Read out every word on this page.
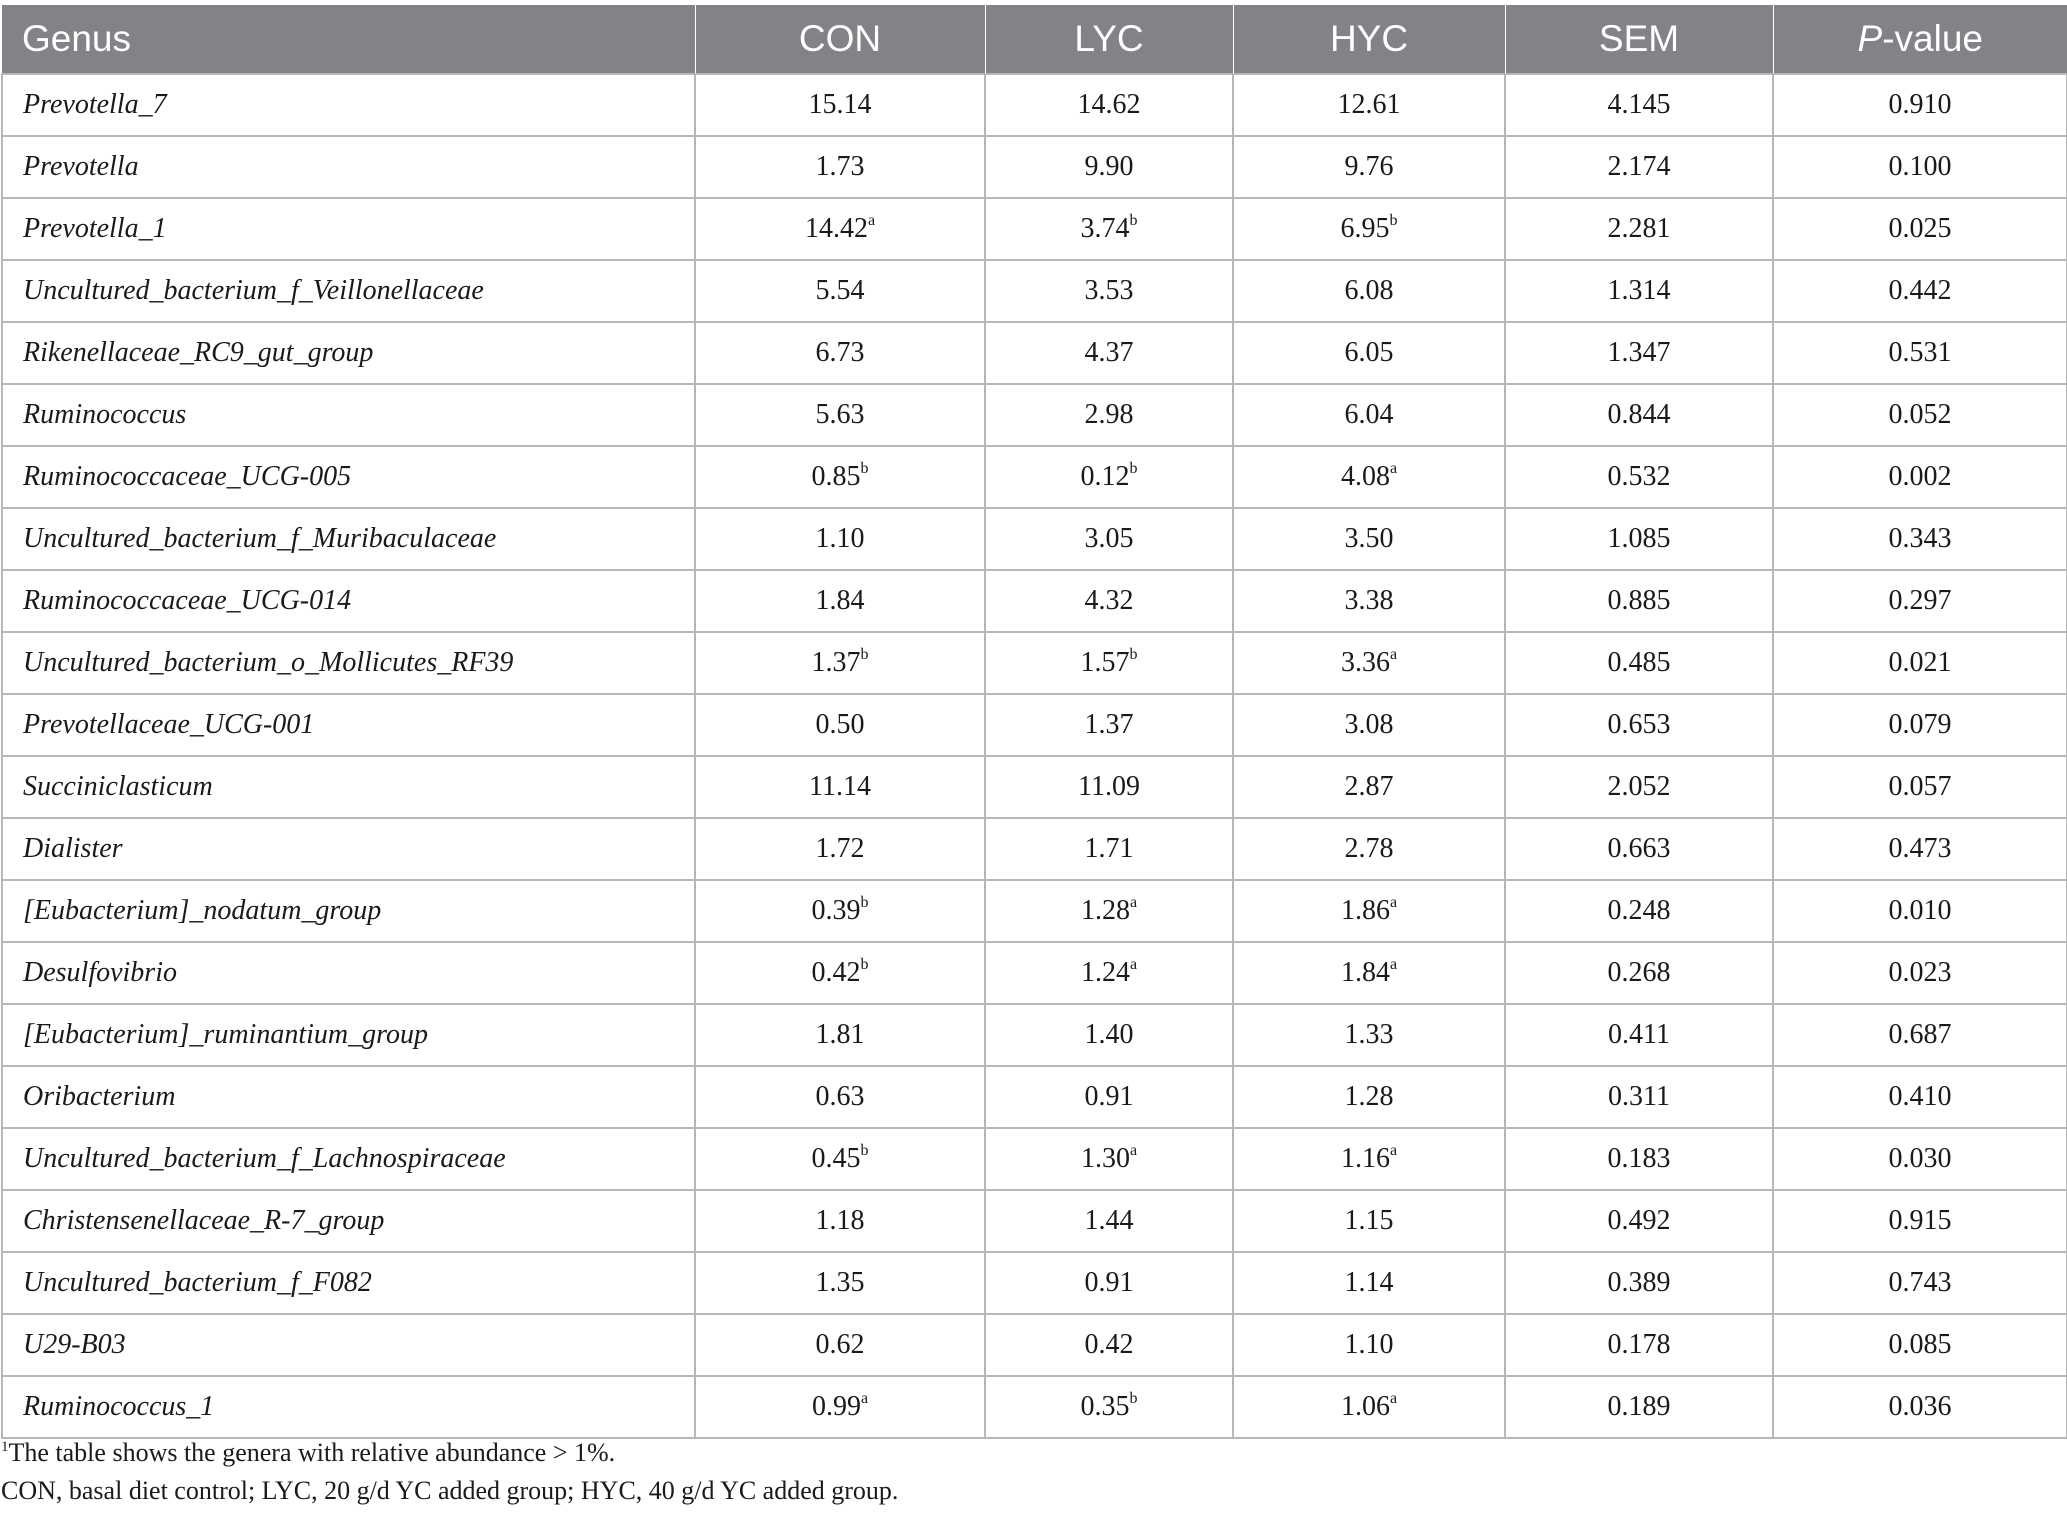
Genus	CON	LYC	HYC	SEM	P-value
Prevotella_7	15.14	14.62	12.61	4.145	0.910
Prevotella	1.73	9.90	9.76	2.174	0.100
Prevotella_1	14.42$^a$	3.74$^b$	6.95$^b$	2.281	0.025
Uncultured_bacterium_f_Veillonellaceae	5.54	3.53	6.08	1.314	0.442
Rikenellaceae_RC9_gut_group	6.73	4.37	6.05	1.347	0.531
Ruminococcus	5.63	2.98	6.04	0.844	0.052
Ruminococcaceae_UCG-005	0.85$^b$	0.12$^b$	4.08$^a$	0.532	0.002
Uncultured_bacterium_f_Muribaculaceae	1.10	3.05	3.50	1.085	0.343
Ruminococcaceae_UCG-014	1.84	4.32	3.38	0.885	0.297
Uncultured_bacterium_o_Mollicutes_RF39	1.37$^b$	1.57$^b$	3.36$^a$	0.485	0.021
Prevotellaceae_UCG-001	0.50	1.37	3.08	0.653	0.079
Succiniclasticum	11.14	11.09	2.87	2.052	0.057
Dialister	1.72	1.71	2.78	0.663	0.473
[Eubacterium]_nodatum_group	0.39$^b$	1.28$^a$	1.86$^a$	0.248	0.010
Desulfovibrio	0.42$^b$	1.24$^a$	1.84$^a$	0.268	0.023
[Eubacterium]_ruminantium_group	1.81	1.40	1.33	0.411	0.687
Oribacterium	0.63	0.91	1.28	0.311	0.410
Uncultured_bacterium_f_Lachnospiraceae	0.45$^b$	1.30$^a$	1.16$^a$	0.183	0.030
Christensenellaceae_R-7_group	1.18	1.44	1.15	0.492	0.915
Uncultured_bacterium_f_F082	1.35	0.91	1.14	0.389	0.743
U29-B03	0.62	0.42	1.10	0.178	0.085
Ruminococcus_1	0.99$^a$	0.35$^b$	1.06$^a$	0.189	0.036
$^1$The table shows the genera with relative abundance > 1%.
CON, basal diet control; LYC, 20 g/d YC added group; HYC, 40 g/d YC added group.
